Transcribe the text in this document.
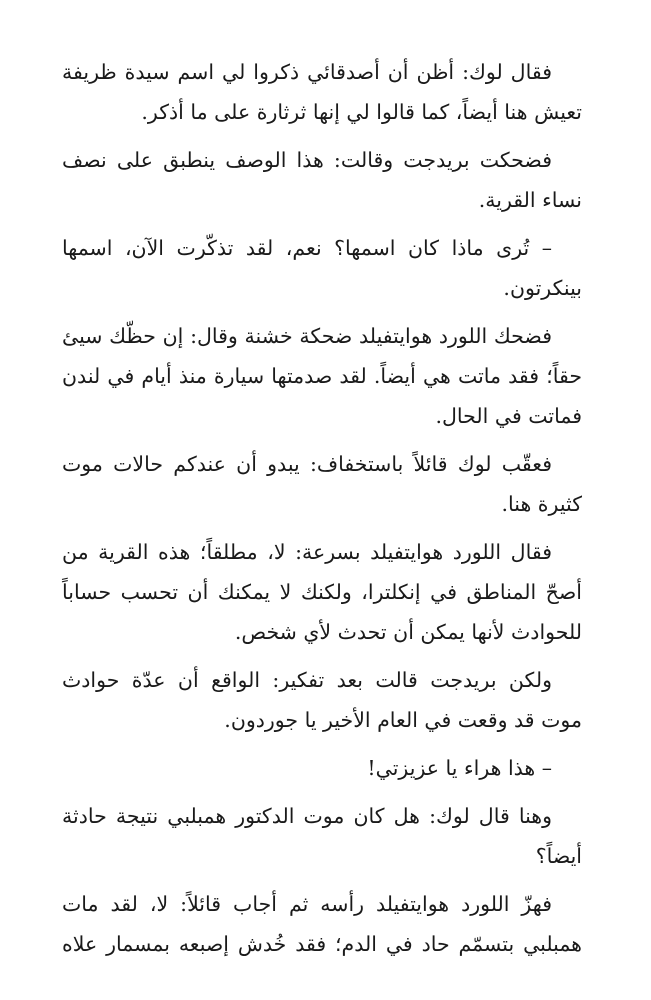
فقال لوك: أظن أن أصدقائي ذكروا لي اسم سيدة ظريفة
تعيش هنا أيضاً، كما قالوا لي إنها ثرثارة على ما أذكر.

فضحكت بريدجت وقالت: هذا الوصف ينطبق على نصف
نساء القرية.

– تُرى ماذا كان اسمها؟ نعم، لقد تذكّرت الآن، اسمها
بينكرتون.

فضحك اللورد هوايتفيلد ضحكة خشنة وقال: إن حظّك سيئ
حقاً؛ فقد ماتت هي أيضاً. لقد صدمتها سيارة منذ أيام في لندن
فماتت في الحال.

فعقّب لوك قائلاً باستخفاف: يبدو أن عندكم حالات موت
كثيرة هنا.

فقال اللورد هوايتفيلد بسرعة: لا، مطلقاً؛ هذه القرية من
أصحّ المناطق في إنكلترا، ولكنك لا يمكنك أن تحسب حساباً
للحوادث لأنها يمكن أن تحدث لأي شخص.

ولكن بريدجت قالت بعد تفكير: الواقع أن عدّة حوادث
موت قد وقعت في العام الأخير يا جوردون.

– هذا هراء يا عزيزتي!

وهنا قال لوك: هل كان موت الدكتور همبلبي نتيجة حادثة
أيضاً؟

فهزّ اللورد هوايتفيلد رأسه ثم أجاب قائلاً: لا، لقد مات
همبلبي بتسمّم حاد في الدم؛ فقد خُدش إصبعه بمسمار علاه
